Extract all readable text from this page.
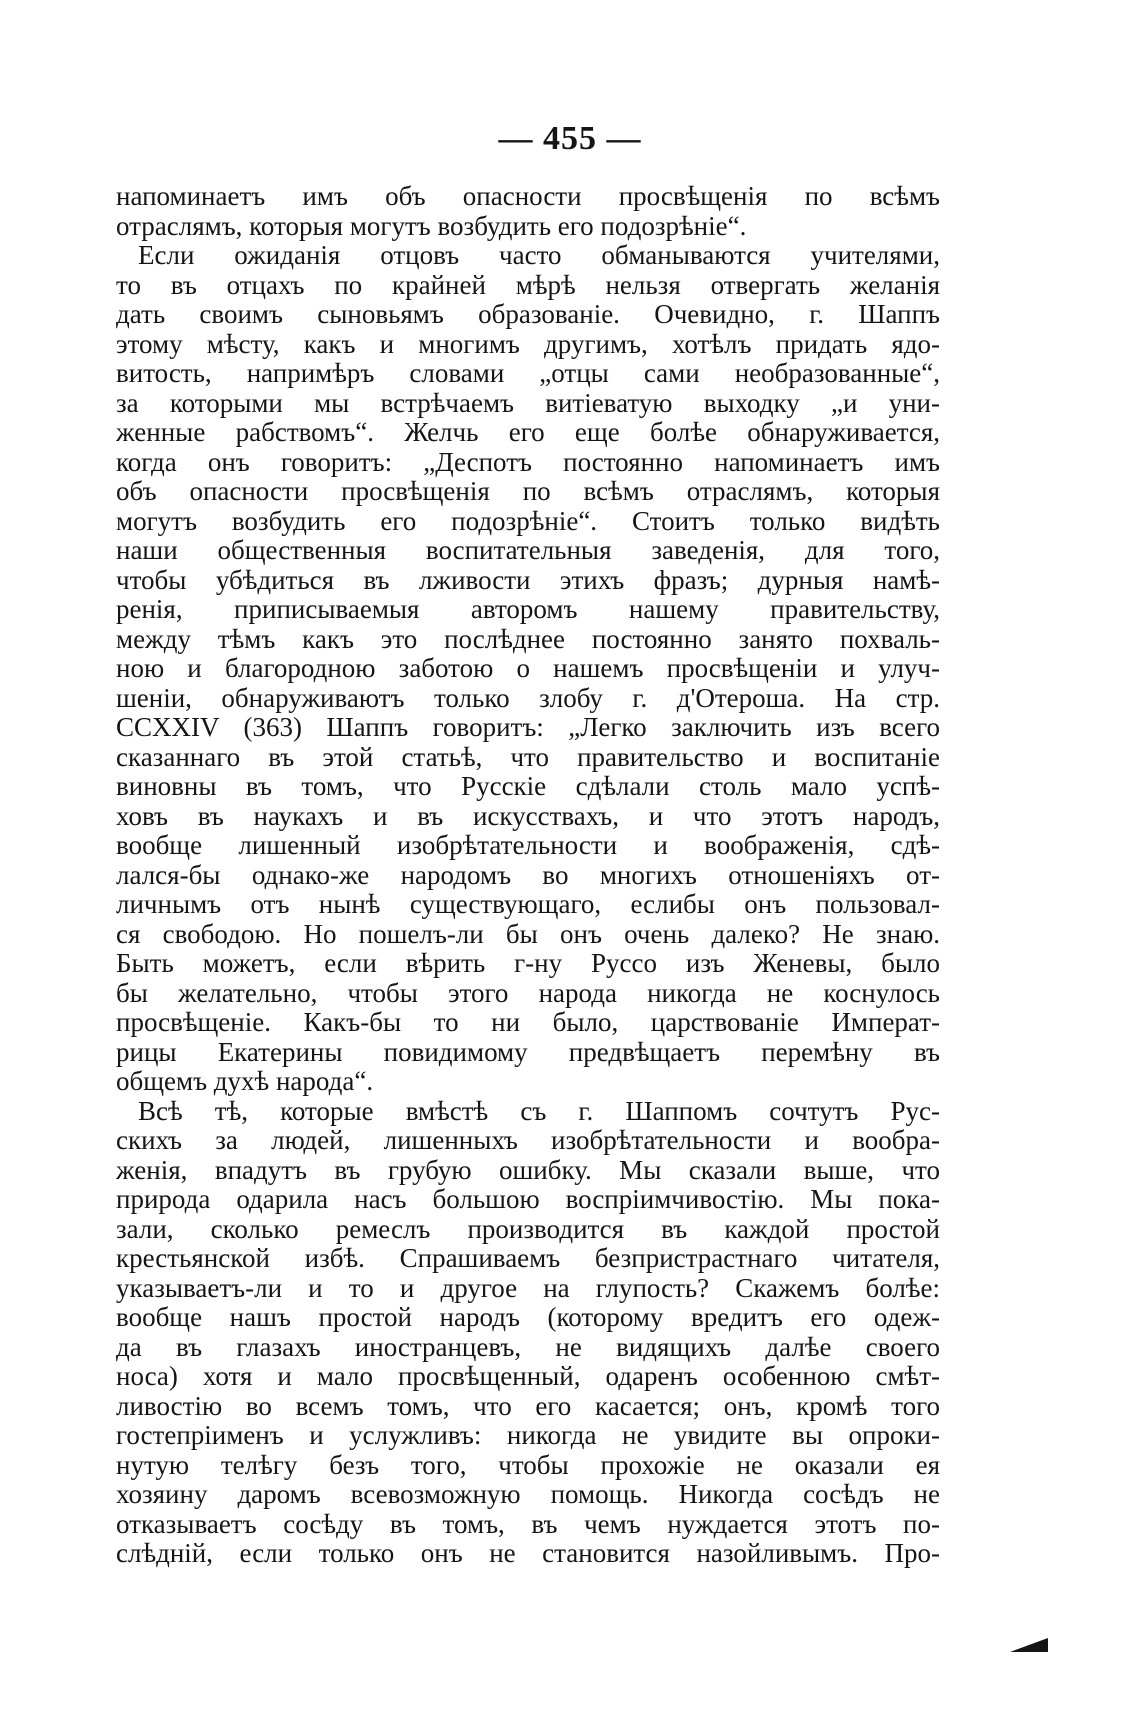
— 455 —
напоминаетъ имъ объ опасности просвѣщенія по всѣмъ
отраслямъ, которыя могутъ возбудить его подозрѣніе“.
Если ожиданія отцовъ часто обманываются учителями,
то въ отцахъ по крайней мѣрѣ нельзя отвергать желанія
дать своимъ сыновьямъ образованіе. Очевидно, г. Шаппъ
этому мѣсту, какъ и многимъ другимъ, хотѣлъ придать ядо-
витость, напримѣръ словами „отцы сами необразованные“,
за которыми мы встрѣчаемъ витіеватую выходку „и уни-
женные рабствомъ“. Желчь его еще болѣе обнаруживается,
когда онъ говоритъ: „Деспотъ постоянно напоминаетъ имъ
объ опасности просвѣщенія по всѣмъ отраслямъ, которыя
могутъ возбудить его подозрѣніе“. Стоитъ только видѣть
наши общественныя воспитательныя заведенія, для того,
чтобы убѣдиться въ лживости этихъ фразъ; дурныя намѣ-
ренія, приписываемыя авторомъ нашему правительству,
между тѣмъ какъ это послѣднее постоянно занято похваль-
ною и благородною заботою о нашемъ просвѣщеніи и улуч-
шеніи, обнаруживаютъ только злобу г. д'Отероша. На стр.
CCXXIV (363) Шаппъ говоритъ: „Легко заключить изъ всего
сказаннаго въ этой статьѣ, что правительство и воспитаніе
виновны въ томъ, что Русскіе сдѣлали столь мало успѣ-
ховъ въ наукахъ и въ искусствахъ, и что этотъ народъ,
вообще лишенный изобрѣтательности и воображенія, сдѣ-
лался-бы однако-же народомъ во многихъ отношеніяхъ от-
личнымъ отъ нынѣ существующаго, еслибы онъ пользовал-
ся свободою. Но пошелъ-ли бы онъ очень далеко? Не знаю.
Быть можетъ, если вѣрить г-ну Руссо изъ Женевы, было
бы желательно, чтобы этого народа никогда не коснулось
просвѣщеніе. Какъ-бы то ни было, царствованіе Императ-
рицы Екатерины повидимому предвѣщаетъ перемѣну въ
общемъ духѣ народа“.
Всѣ тѣ, которые вмѣстѣ съ г. Шаппомъ сочтутъ Рус-
скихъ за людей, лишенныхъ изобрѣтательности и вообра-
женія, впадутъ въ грубую ошибку. Мы сказали выше, что
природа одарила насъ большою воспріимчивостію. Мы пока-
зали, сколько ремеслъ производится въ каждой простой
крестьянской избѣ. Спрашиваемъ безпристрастнаго читателя,
указываетъ-ли и то и другое на глупость? Скажемъ болѣе:
вообще нашъ простой народъ (которому вредитъ его одеж-
да въ глазахъ иностранцевъ, не видящихъ далѣе своего
носа) хотя и мало просвѣщенный, одаренъ особенною смѣт-
ливостію во всемъ томъ, что его касается; онъ, кромѣ того
гостепріименъ и услужливъ: никогда не увидите вы опроки-
нутую телѣгу безъ того, чтобы прохожіе не оказали ея
хозяину даромъ всевозможную помощь. Никогда сосѣдъ не
отказываетъ сосѣду въ томъ, въ чемъ нуждается этотъ по-
слѣдній, если только онъ не становится назойливымъ. Про-
